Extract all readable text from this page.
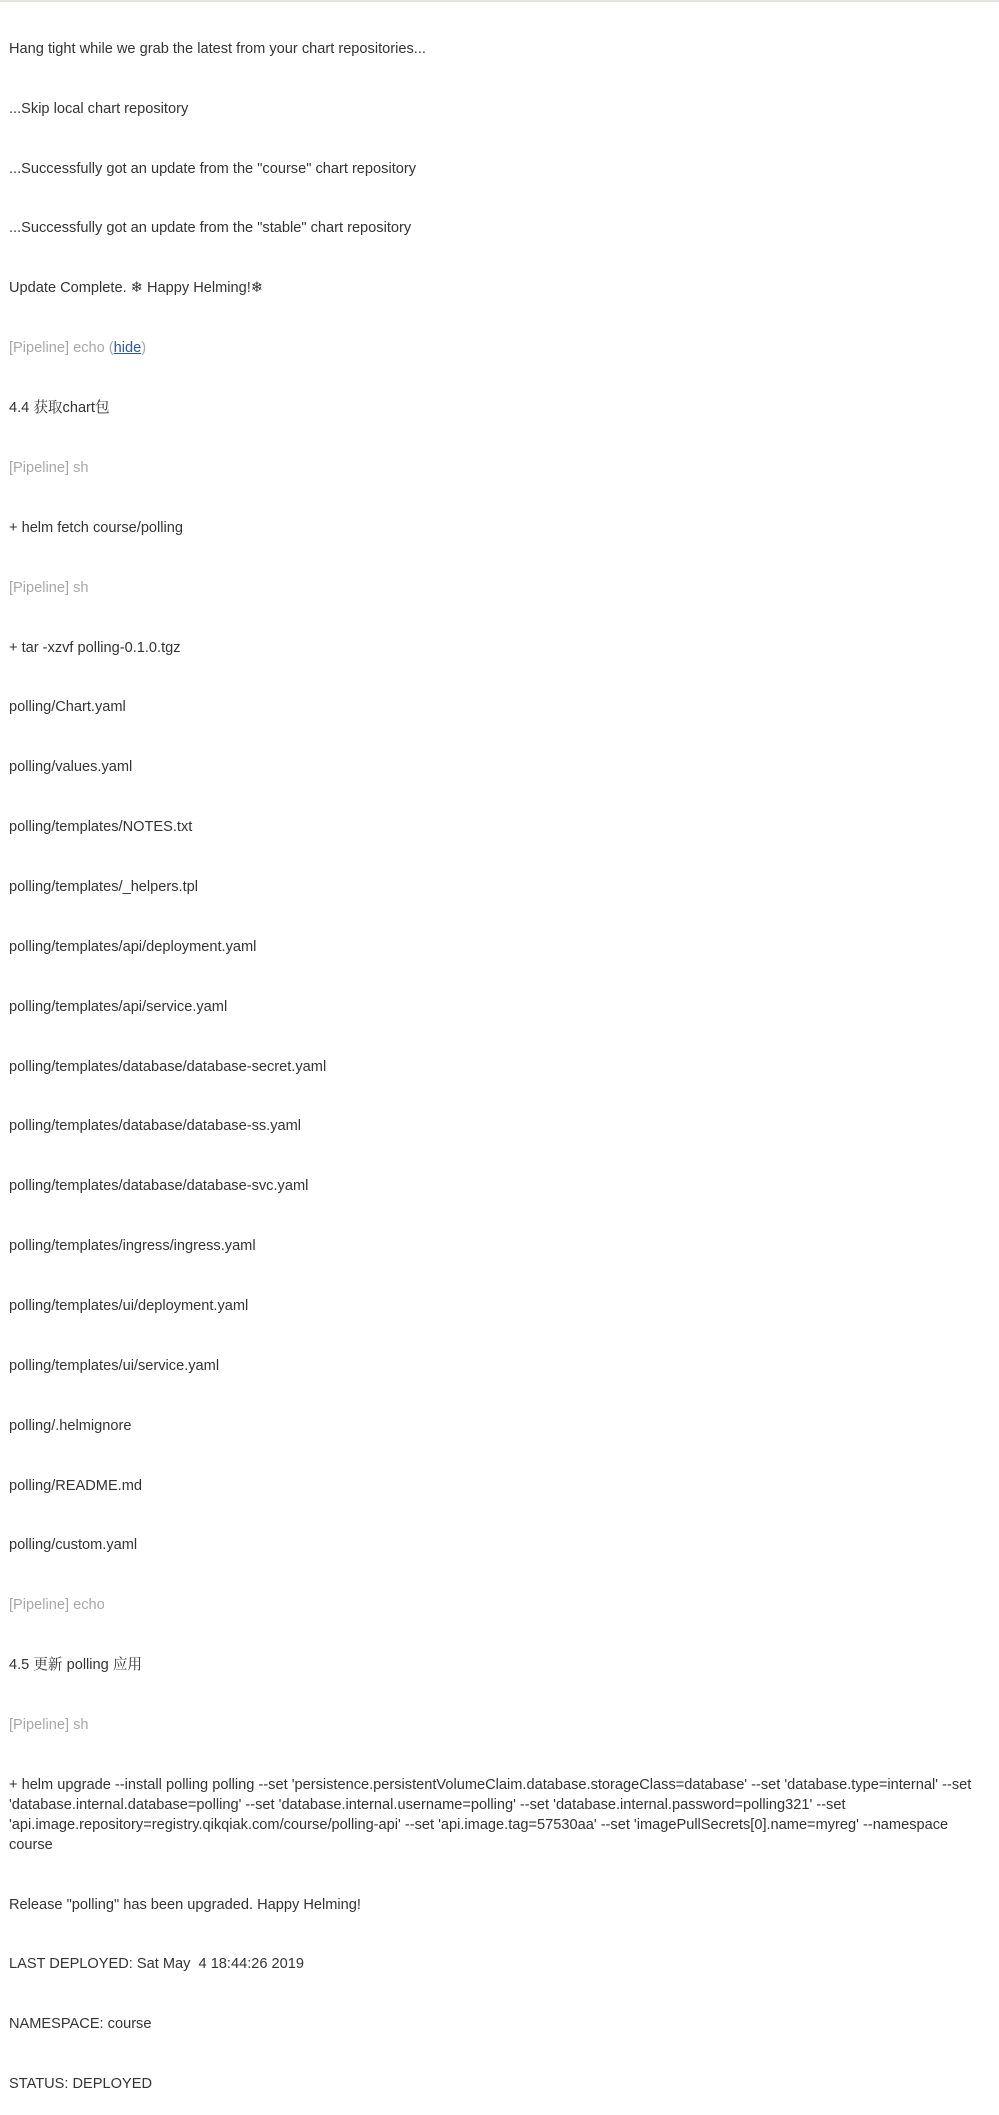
Hang tight while we grab the latest from your chart repositories...

...Skip local chart repository

...Successfully got an update from the "course" chart repository

...Successfully got an update from the "stable" chart repository

Update Complete. ❄ Happy Helming!❄

[Pipeline] echo (hide)

4.4 获取chart包

[Pipeline] sh

+ helm fetch course/polling

[Pipeline] sh

+ tar -xzvf polling-0.1.0.tgz

polling/Chart.yaml

polling/values.yaml

polling/templates/NOTES.txt

polling/templates/_helpers.tpl

polling/templates/api/deployment.yaml

polling/templates/api/service.yaml

polling/templates/database/database-secret.yaml

polling/templates/database/database-ss.yaml

polling/templates/database/database-svc.yaml

polling/templates/ingress/ingress.yaml

polling/templates/ui/deployment.yaml

polling/templates/ui/service.yaml

polling/.helmignore

polling/README.md

polling/custom.yaml

[Pipeline] echo

4.5 更新 polling 应用

[Pipeline] sh

+ helm upgrade --install polling polling --set 'persistence.persistentVolumeClaim.database.storageClass=database' --set 'database.type=internal' --set 'database.internal.database=polling' --set 'database.internal.username=polling' --set 'database.internal.password=polling321' --set 'api.image.repository=registry.qikqiak.com/course/polling-api' --set 'api.image.tag=57530aa' --set 'imagePullSecrets[0].name=myreg' --namespace course

Release "polling" has been upgraded. Happy Helming!

LAST DEPLOYED: Sat May  4 18:44:26 2019

NAMESPACE: course

STATUS: DEPLOYED
